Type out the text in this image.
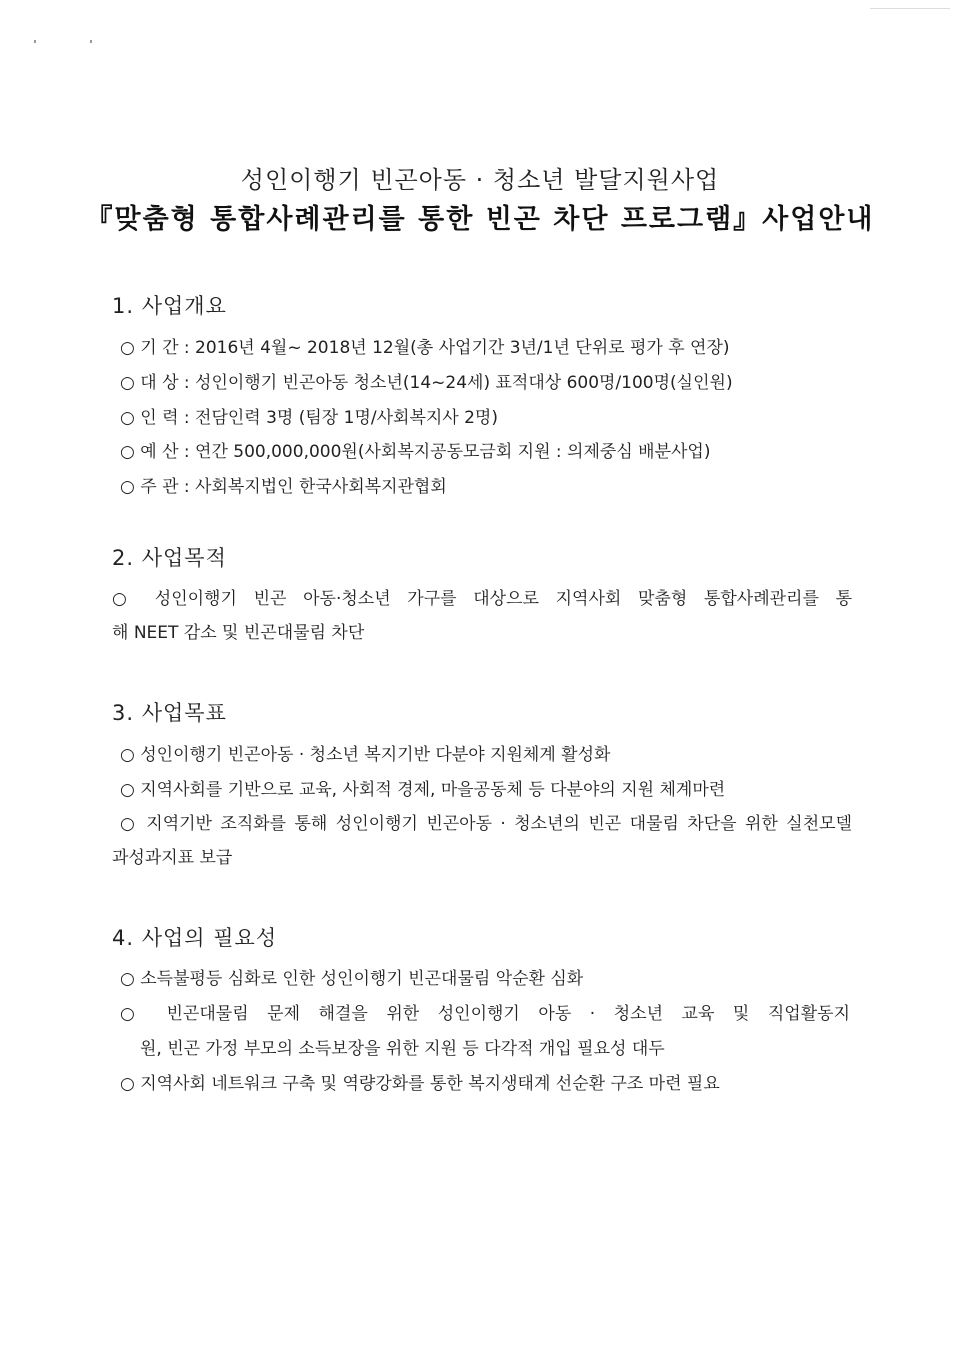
성인이행기 빈곤아동 · 청소년 발달지원사업
『맞춤형 통합사례관리를 통한 빈곤 차단 프로그램』사업안내
1. 사업개요
○ 기 간 : 2016년 4월~ 2018년 12월(총 사업기간 3년/1년 단위로 평가 후 연장)
○ 대 상 : 성인이행기 빈곤아동 청소년(14~24세) 표적대상 600명/100명(실인원)
○ 인 력 : 전담인력 3명 (팀장 1명/사회복지사 2명)
○ 예 산 : 연간 500,000,000원(사회복지공동모금회 지원 : 의제중심 배분사업)
○ 주 관 : 사회복지법인 한국사회복지관협회
2. 사업목적
○ 성인이행기 빈곤 아동·청소년 가구를 대상으로 지역사회 맞춤형 통합사례관리를 통
해 NEET 감소 및 빈곤대물림 차단
3. 사업목표
○ 성인이행기 빈곤아동 · 청소년 복지기반 다분야 지원체계 활성화
○ 지역사회를 기반으로 교육, 사회적 경제, 마을공동체 등 다분야의 지원 체계마련
○ 지역기반 조직화를 통해 성인이행기 빈곤아동 · 청소년의 빈곤 대물림 차단을 위한 실천모델
과성과지표 보급
4. 사업의 필요성
○ 소득불평등 심화로 인한 성인이행기 빈곤대물림 악순환 심화
○ 빈곤대물림 문제 해결을 위한 성인이행기 아동 · 청소년 교육 및 직업활동지
원, 빈곤 가정 부모의 소득보장을 위한 지원 등 다각적 개입 필요성 대두
○ 지역사회 네트워크 구축 및 역량강화를 통한 복지생태계 선순환 구조 마련 필요
